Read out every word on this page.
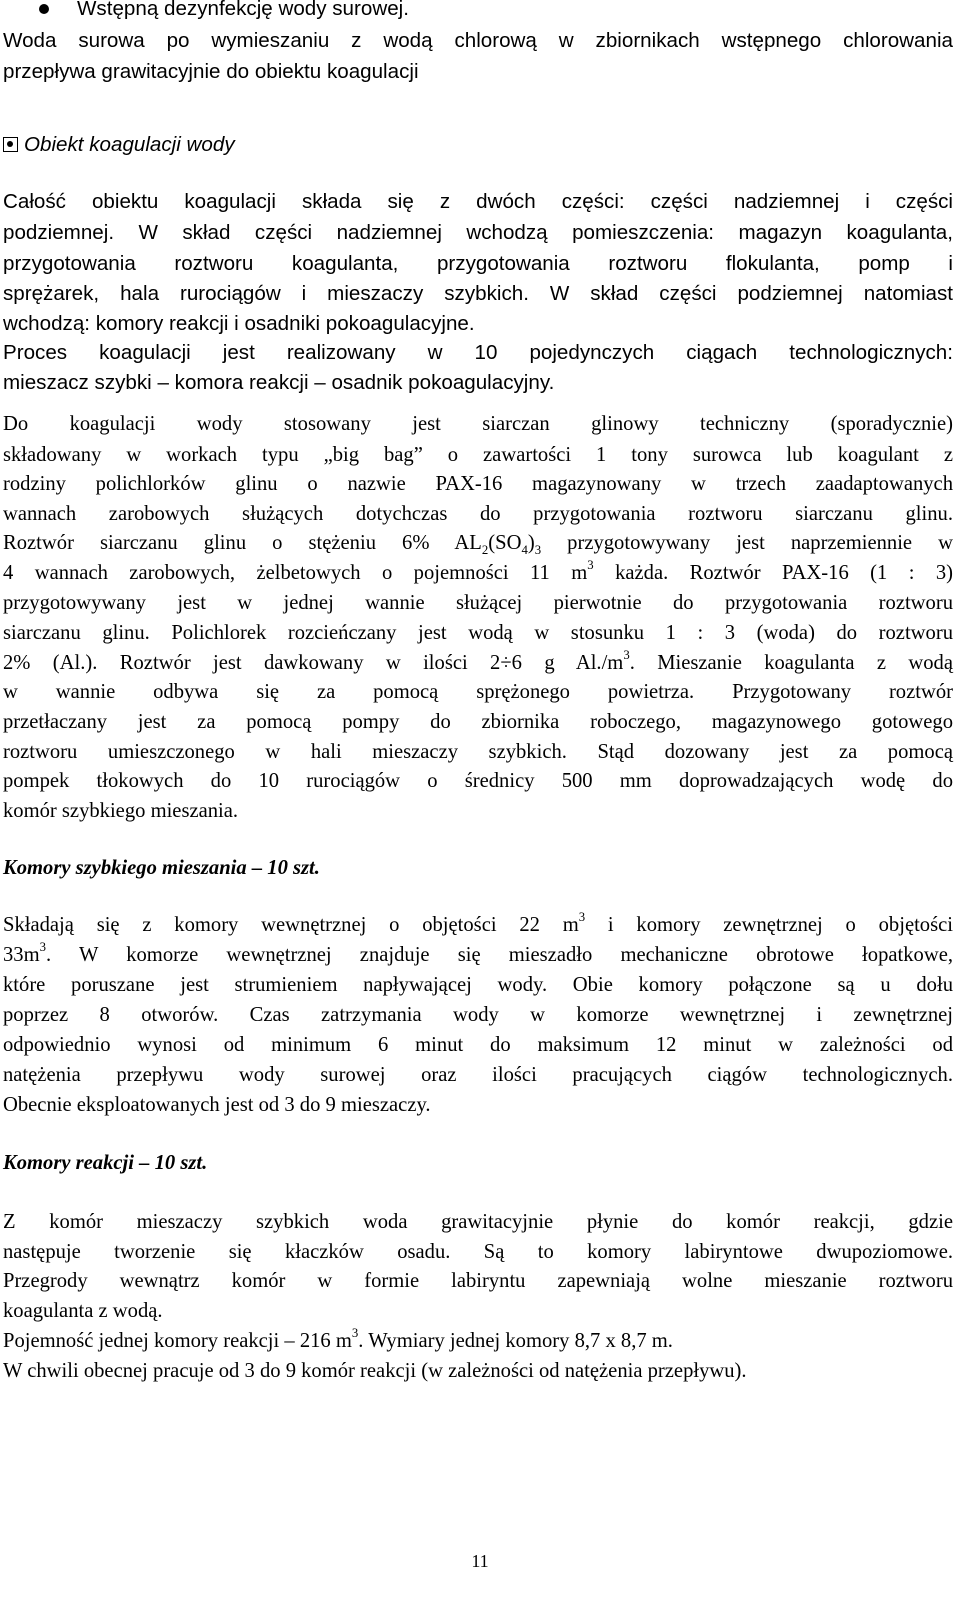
Wstępną dezynfekcję wody surowej.
Woda surowa po wymieszaniu z wodą chlorową w zbiornikach wstępnego chlorowania
przepływa grawitacyjnie do obiektu koagulacji
Obiekt koagulacji wody
Całość obiektu koagulacji składa się z dwóch części: części nadziemnej i części
podziemnej. W skład części nadziemnej wchodzą pomieszczenia: magazyn koagulanta,
przygotowania roztworu koagulanta, przygotowania roztworu flokulanta, pomp i
sprężarek, hala rurociągów i mieszaczy szybkich. W skład części podziemnej natomiast
wchodzą: komory reakcji i osadniki pokoagulacyjne.
Proces koagulacji jest realizowany w 10 pojedynczych ciągach technologicznych:
mieszacz szybki – komora reakcji – osadnik pokoagulacyjny.
Do koagulacji wody stosowany jest siarczan glinowy techniczny (sporadycznie)
składowany w workach typu „big bag” o zawartości 1 tony surowca lub koagulant z
rodziny polichlorków glinu o nazwie PAX-16 magazynowany w trzech zaadaptowanych
wannach zarobowych służących dotychczas do przygotowania roztworu siarczanu glinu.
Roztwór siarczanu glinu o stężeniu 6% $AL_2(SO_4)_3$ przygotowywany jest naprzemiennie w
4 wannach zarobowych, żelbetowych o pojemności 11 $m^3$ każda. Roztwór PAX-16 (1 : 3)
przygotowywany jest w jednej wannie służącej pierwotnie do przygotowania roztworu
siarczanu glinu. Polichlorek rozcieńczany jest wodą w stosunku 1 : 3 (woda) do roztworu
2% (Al.). Roztwór jest dawkowany w ilości 2÷6 g $Al./m^3$. Mieszanie koagulanta z wodą
w wannie odbywa się za pomocą sprężonego powietrza. Przygotowany roztwór
przetłaczany jest za pomocą pompy do zbiornika roboczego, magazynowego gotowego
roztworu umieszczonego w hali mieszaczy szybkich. Stąd dozowany jest za pomocą
pompek tłokowych do 10 rurociągów o średnicy 500 mm doprowadzających wodę do
komór szybkiego mieszania.
Komory szybkiego mieszania – 10 szt.
Składają się z komory wewnętrznej o objętości 22 $m^3$ i komory zewnętrznej o objętości
$33m^3$. W komorze wewnętrznej znajduje się mieszadło mechaniczne obrotowe łopatkowe,
które poruszane jest strumieniem napływającej wody. Obie komory połączone są u dołu
poprzez 8 otworów. Czas zatrzymania wody w komorze wewnętrznej i zewnętrznej
odpowiednio wynosi od minimum 6 minut do maksimum 12 minut w zależności od
natężenia przepływu wody surowej oraz ilości pracujących ciągów technologicznych.
Obecnie eksploatowanych jest od 3 do 9 mieszaczy.
Komory reakcji – 10 szt.
Z komór mieszaczy szybkich woda grawitacyjnie płynie do komór reakcji, gdzie
następuje tworzenie się kłaczków osadu. Są to komory labiryntowe dwupoziomowe.
Przegrody wewnątrz komór w formie labiryntu zapewniają wolne mieszanie roztworu
koagulanta z wodą.
Pojemność jednej komory reakcji – 216 $m^3$. Wymiary jednej komory 8,7 x 8,7 m.
W chwili obecnej pracuje od 3 do 9 komór reakcji (w zależności od natężenia przepływu).
11
